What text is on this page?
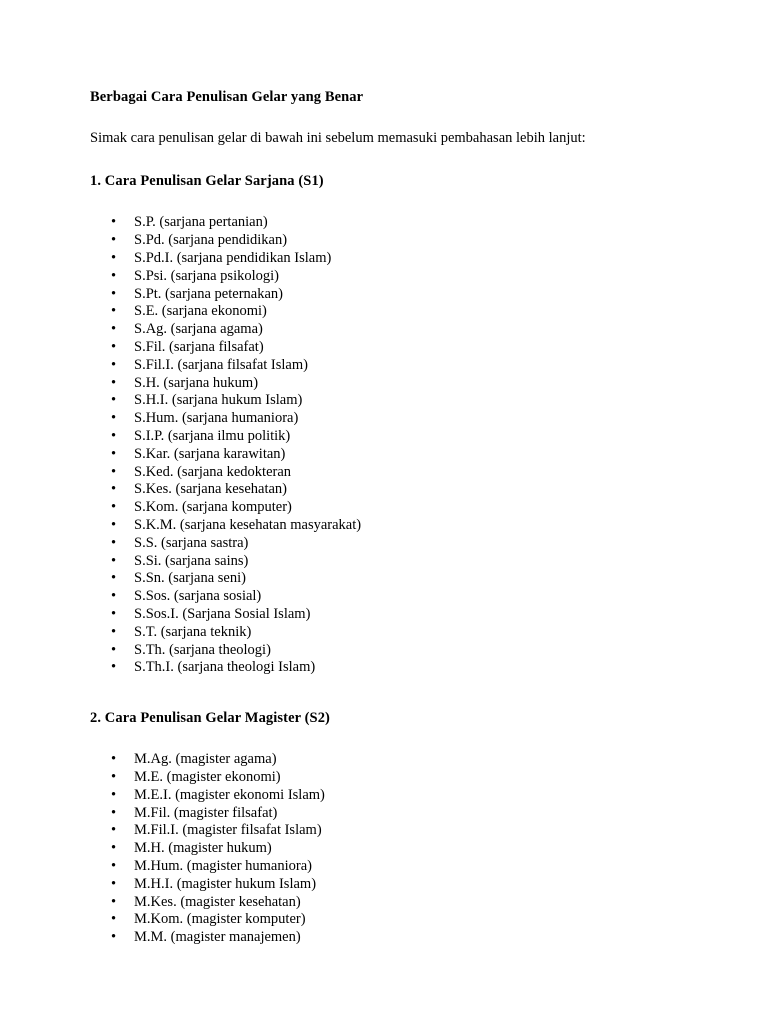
Berbagai Cara Penulisan Gelar yang Benar

Simak cara penulisan gelar di bawah ini sebelum memasuki pembahasan lebih lanjut:

1. Cara Penulisan Gelar Sarjana (S1)
• S.P. (sarjana pertanian)
• S.Pd. (sarjana pendidikan)
• S.Pd.I. (sarjana pendidikan Islam)
• S.Psi. (sarjana psikologi)
• S.Pt. (sarjana peternakan)
• S.E. (sarjana ekonomi)
• S.Ag. (sarjana agama)
• S.Fil. (sarjana filsafat)
• S.Fil.I. (sarjana filsafat Islam)
• S.H. (sarjana hukum)
• S.H.I. (sarjana hukum Islam)
• S.Hum. (sarjana humaniora)
• S.I.P. (sarjana ilmu politik)
• S.Kar. (sarjana karawitan)
• S.Ked. (sarjana kedokteran
• S.Kes. (sarjana kesehatan)
• S.Kom. (sarjana komputer)
• S.K.M. (sarjana kesehatan masyarakat)
• S.S. (sarjana sastra)
• S.Si. (sarjana sains)
• S.Sn. (sarjana seni)
• S.Sos. (sarjana sosial)
• S.Sos.I. (Sarjana Sosial Islam)
• S.T. (sarjana teknik)
• S.Th. (sarjana theologi)
• S.Th.I. (sarjana theologi Islam)
2. Cara Penulisan Gelar Magister (S2)
• M.Ag. (magister agama)
• M.E. (magister ekonomi)
• M.E.I. (magister ekonomi Islam)
• M.Fil. (magister filsafat)
• M.Fil.I. (magister filsafat Islam)
• M.H. (magister hukum)
• M.Hum. (magister humaniora)
• M.H.I. (magister hukum Islam)
• M.Kes. (magister kesehatan)
• M.Kom. (magister komputer)
• M.M. (magister manajemen)
